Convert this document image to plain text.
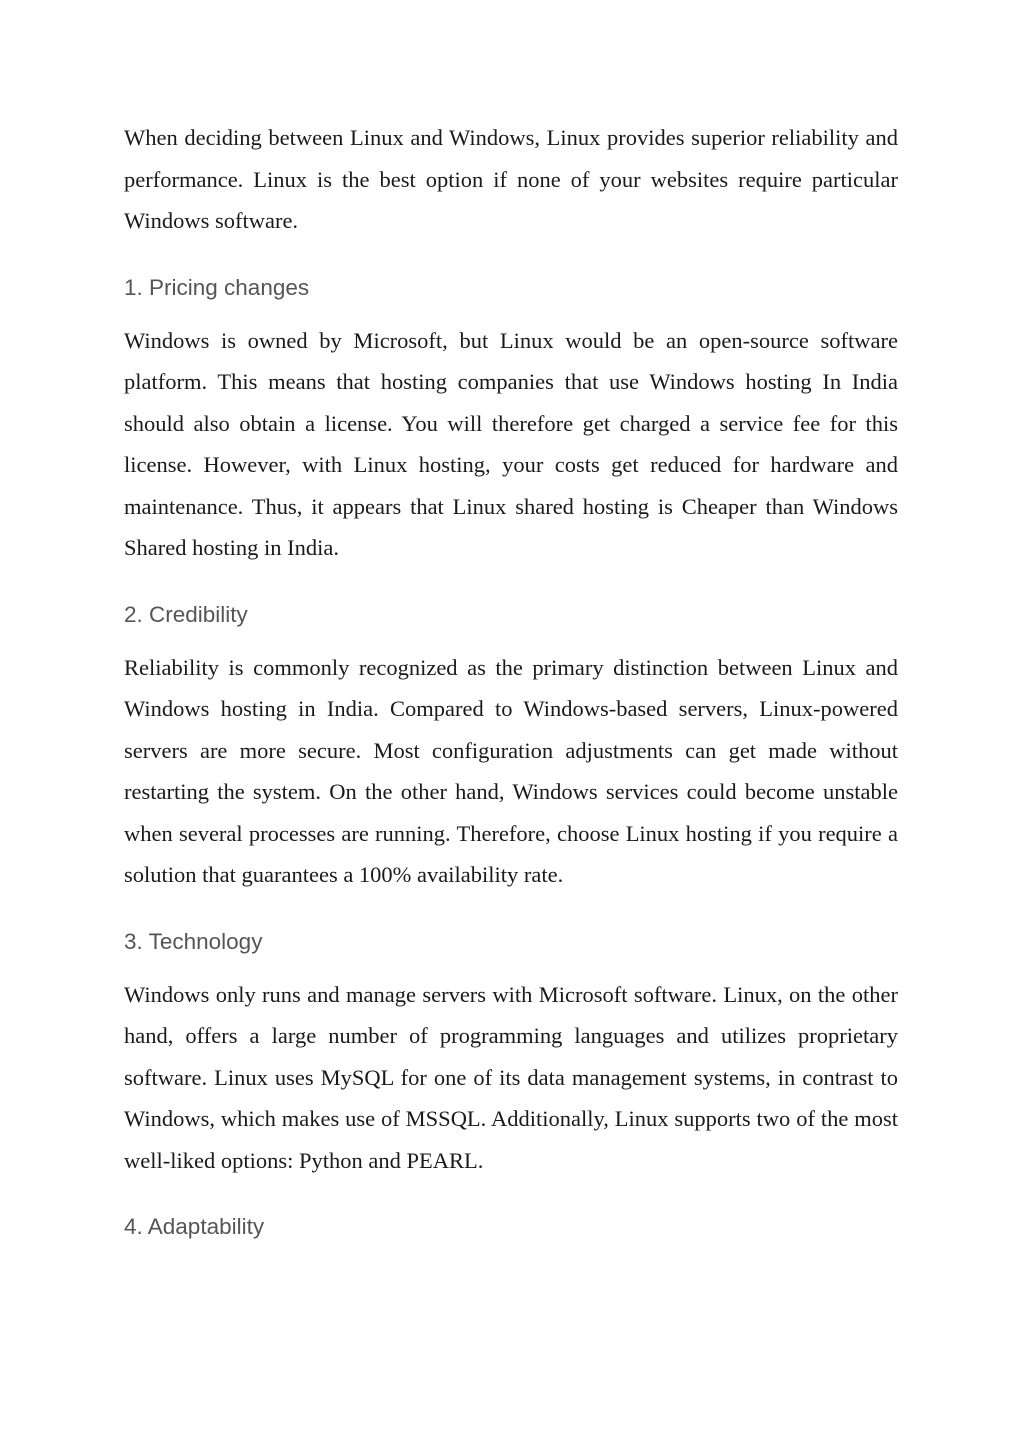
When deciding between Linux and Windows, Linux provides superior reliability and performance. Linux is the best option if none of your websites require particular Windows software.

1. Pricing changes

Windows is owned by Microsoft, but Linux would be an open-source software platform. This means that hosting companies that use Windows hosting In India should also obtain a license. You will therefore get charged a service fee for this license. However, with Linux hosting, your costs get reduced for hardware and maintenance. Thus, it appears that Linux shared hosting is Cheaper than Windows Shared hosting in India.

2. Credibility

Reliability is commonly recognized as the primary distinction between Linux and Windows hosting in India. Compared to Windows-based servers, Linux-powered servers are more secure. Most configuration adjustments can get made without restarting the system. On the other hand, Windows services could become unstable when several processes are running. Therefore, choose Linux hosting if you require a solution that guarantees a 100% availability rate.

3. Technology

Windows only runs and manage servers with Microsoft software. Linux, on the other hand, offers a large number of programming languages and utilizes proprietary software. Linux uses MySQL for one of its data management systems, in contrast to Windows, which makes use of MSSQL. Additionally, Linux supports two of the most well-liked options: Python and PEARL.

4. Adaptability
